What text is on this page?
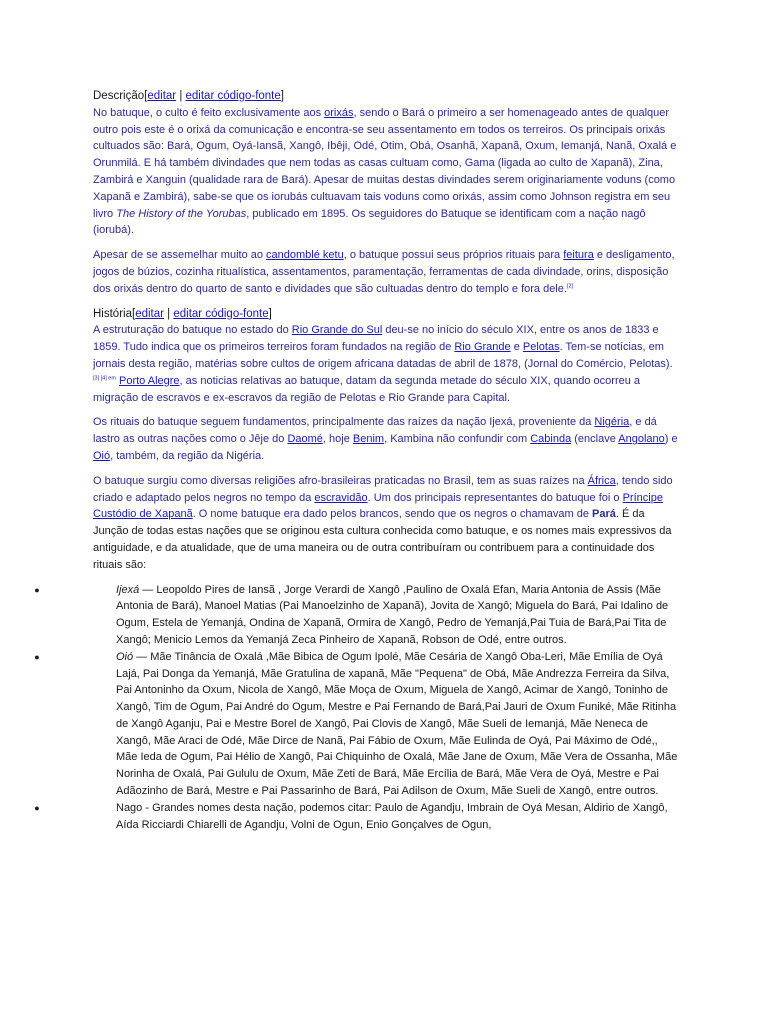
Descrição[editar | editar código-fonte]

No batuque, o culto é feito exclusivamente aos orixás, sendo o Bará o primeiro a ser homenageado antes de qualquer outro pois este é o orixá da comunicação e encontra-se seu assentamento em todos os terreiros. Os principais orixás cultuados são: Bará, Ogum, Oyá-Iansã, Xangô, Ibêji, Odé, Otim, Obá, Osanhã, Xapanã, Oxum, Iemanjá, Nanã, Oxalá e Orunmilá. E há também divindades que nem todas as casas cultuam como, Gama (ligada ao culto de Xapanã), Zina, Zambirá e Xanguin (qualidade rara de Bará). Apesar de muitas destas divindades serem originariamente voduns (como Xapanã e Zambirá), sabe-se que os iorubás cultuavam tais voduns como orixás, assim como Johnson registra em seu livro The History of the Yorubas, publicado em 1895. Os seguidores do Batuque se identificam com a nação nagô (iorubá).

Apesar de se assemelhar muito ao candomblé ketu, o batuque possui seus próprios rituais para feitura e desligamento, jogos de búzios, cozinha ritualística, assentamentos, paramentação, ferramentas de cada divindade, orins, disposição dos orixás dentro do quarto de santo e dividades que são cultuadas dentro do templo e fora dele.[2]

História[editar | editar código-fonte]

A estruturação do batuque no estado do Rio Grande do Sul deu-se no início do século XIX, entre os anos de 1833 e 1859. Tudo indica que os primeiros terreiros foram fundados na região de Rio Grande e Pelotas. Tem-se notícias, em jornais desta região, matérias sobre cultos de origem africana datadas de abril de 1878, (Jornal do Comércio, Pelotas).$^{[3] [4] em}$ Porto Alegre, as noticias relativas ao batuque, datam da segunda metade do século XIX, quando ocorreu a migração de escravos e ex-escravos da região de Pelotas e Rio Grande para Capital.

Os rituais do batuque seguem fundamentos, principalmente das raízes da nação Ijexá, proveniente da Nigéria, e dá lastro as outras nações como o Jêje do Daomé, hoje Benim, Kambina não confundir com Cabinda (enclave Angolano) e Oió, também, da região da Nigéria.

O batuque surgiu como diversas religiões afro-brasileiras praticadas no Brasil, tem as suas raízes na África, tendo sido criado e adaptado pelos negros no tempo da escravidão. Um dos principais representantes do batuque foi o Príncipe Custódio de Xapanã. O nome batuque era dado pelos brancos, sendo que os negros o chamavam de Pará. É da Junção de todas estas nações que se originou esta cultura conhecida como batuque, e os nomes mais expressivos da antiguidade, e da atualidade, que de uma maneira ou de outra contribuíram ou contribuem para a continuidade dos rituais são:

●	Ijexá — Leopoldo Pires de Iansã , Jorge Verardi de Xangô ,Paulino de Oxalá Efan, Maria Antonia de Assis (Mãe Antonia de Bará), Manoel Matias (Pai Manoelzinho de Xapanã), Jovita de Xangô; Miguela do Bará, Pai Idalino de Ogum, Estela de Yemanjá, Ondina de Xapanã, Ormira de Xangô, Pedro de Yemanjá,Pai Tuia de Bará,Pai Tita de Xangô; Menicio Lemos da Yemanjá Zeca Pinheiro de Xapanã, Robson de Odé, entre outros.
●	Oió — Mãe Tinância de Oxalá ,Mãe Bibica de Ogum Ipolé, Mãe Cesária de Xangô Oba-Leri, Mãe Emília de Oyá Lajá, Pai Donga da Yemanjá, Mãe Gratulina de xapanã, Mãe "Pequena" de Obá, Mãe Andrezza Ferreira da Silva, Pai Antoninho da Oxum, Nicola de Xangô, Mãe Moça de Oxum, Miguela de Xangô, Acimar de Xangô, Toninho de Xangô, Tim de Ogum, Pai André do Ogum, Mestre e Pai Fernando de Bará,Pai Jauri de Oxum Funiké, Mãe Ritinha de Xangô Aganju, Pai e Mestre Borel de Xangô, Pai Clovis de Xangô, Mãe Sueli de Iemanjá, Mãe Neneca de Xangô, Mãe Araci de Odé, Mãe Dirce de Nanã, Pai Fábio de Oxum, Mãe Eulinda de Oyá, Pai Máximo de Odé,, Mãe Ieda de Ogum, Pai Hélio de Xangô, Pai Chiquinho de Oxalá, Mãe Jane de Oxum, Mãe Vera de Ossanha, Mãe Norinha de Oxalá, Pai Gululu de Oxum, Mãe Zeti de Bará, Mãe Ercília de Bará, Mãe Vera de Oyá, Mestre e Pai Adãozinho de Bará, Mestre e Pai Passarinho de Bará, Pai Adilson de Oxum, Mãe Sueli de Xangô, entre outros.
●	Nago - Grandes nomes desta nação, podemos citar: Paulo de Agandju, Imbrain de Oyá Mesan, Aldirio de Xangô, Aída Ricciardi Chiarelli de Agandju, Volni de Ogun, Enio Gonçalves de Ogun,
